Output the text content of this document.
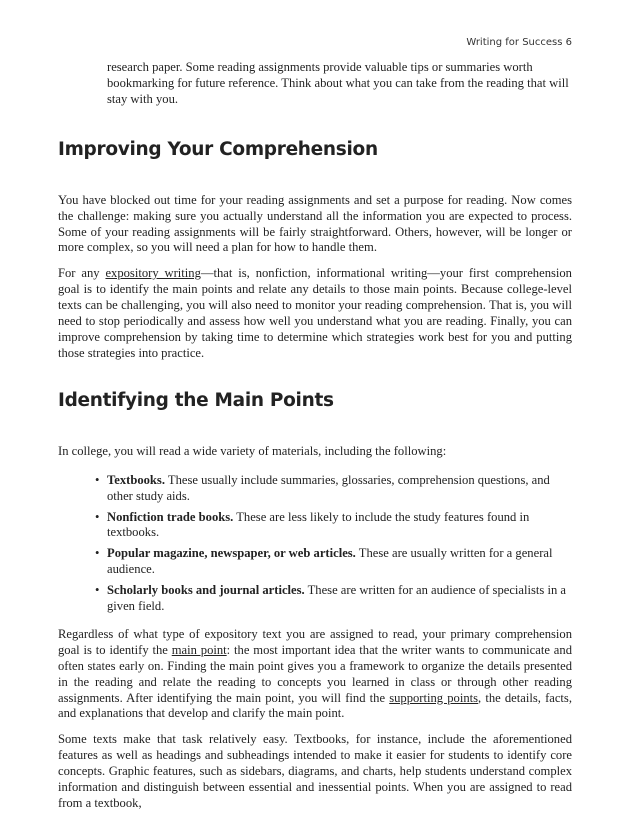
Writing for Success 6

research paper. Some reading assignments provide valuable tips or summaries worth bookmarking for future reference. Think about what you can take from the reading that will stay with you.

Improving Your Comprehension

You have blocked out time for your reading assignments and set a purpose for reading. Now comes the challenge: making sure you actually understand all the information you are expected to process. Some of your reading assignments will be fairly straightforward. Others, however, will be longer or more complex, so you will need a plan for how to handle them.

For any expository writing—that is, nonfiction, informational writing—your first comprehension goal is to identify the main points and relate any details to those main points. Because college-level texts can be challenging, you will also need to monitor your reading comprehension. That is, you will need to stop periodically and assess how well you understand what you are reading. Finally, you can improve comprehension by taking time to determine which strategies work best for you and putting those strategies into practice.

Identifying the Main Points

In college, you will read a wide variety of materials, including the following:

• Textbooks. These usually include summaries, glossaries, comprehension questions, and other study aids.
• Nonfiction trade books. These are less likely to include the study features found in textbooks.
• Popular magazine, newspaper, or web articles. These are usually written for a general audience.
• Scholarly books and journal articles. These are written for an audience of specialists in a given field.

Regardless of what type of expository text you are assigned to read, your primary comprehension goal is to identify the main point: the most important idea that the writer wants to communicate and often states early on. Finding the main point gives you a framework to organize the details presented in the reading and relate the reading to concepts you learned in class or through other reading assignments. After identifying the main point, you will find the supporting points, the details, facts, and explanations that develop and clarify the main point.

Some texts make that task relatively easy. Textbooks, for instance, include the aforementioned features as well as headings and subheadings intended to make it easier for students to identify core concepts. Graphic features, such as sidebars, diagrams, and charts, help students understand complex information and distinguish between essential and inessential points. When you are assigned to read from a textbook,
